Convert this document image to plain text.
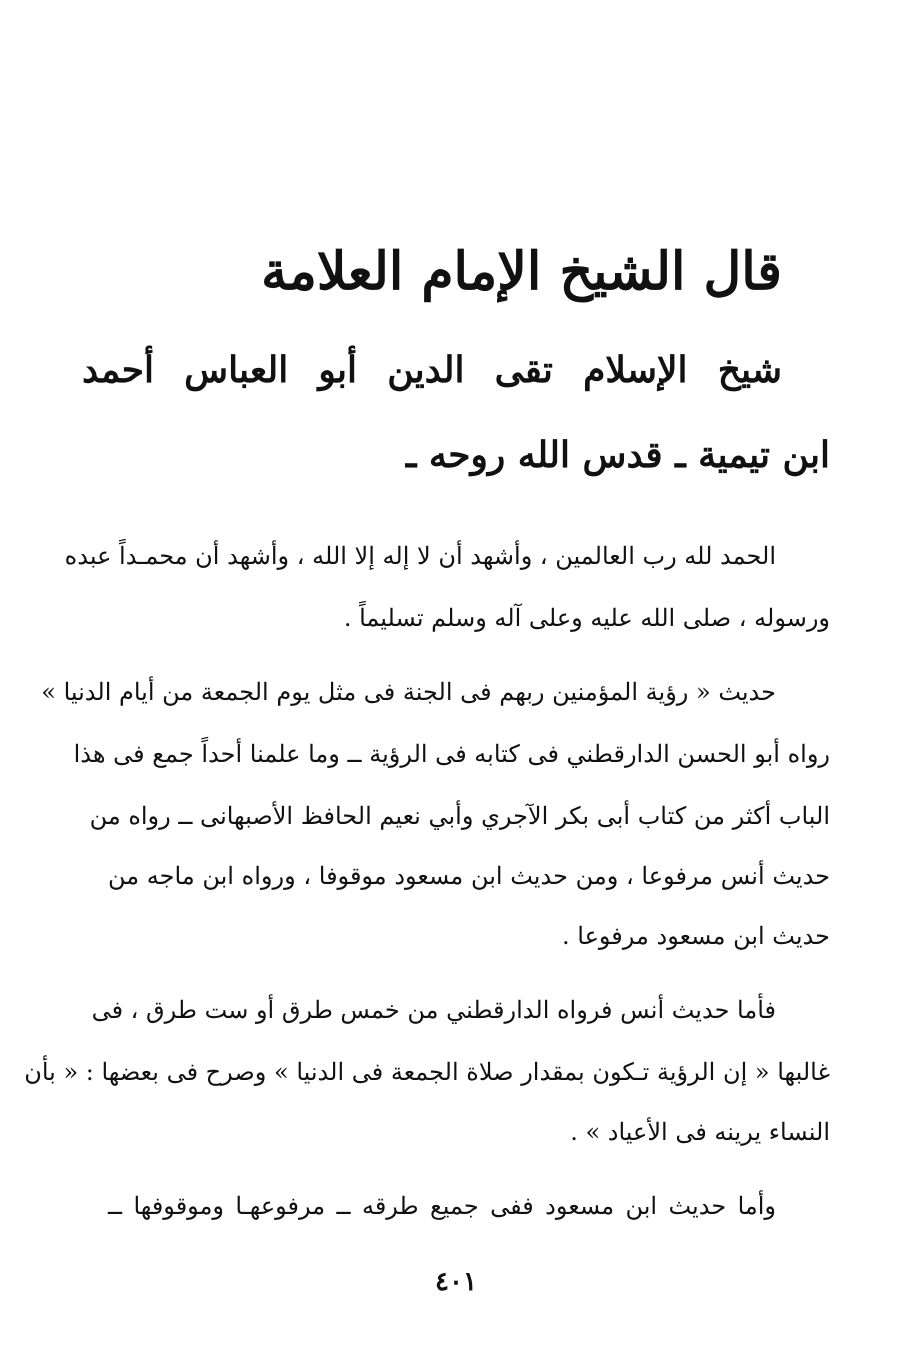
قال الشيخ الإمام العلامة
شيخ الإسلام تقى الدين أبو العباس أحمد
ابن تيمية ـ قدس الله روحه ـ
الحمد لله رب العالمين ، وأشهد أن لا إله إلا الله ، وأشهد أن محمـداً عبده
ورسوله ، صلى الله عليه وعلى آله وسلم تسليماً .
حديث « رؤية المؤمنين ربهم فى الجنة فى مثل يوم الجمعة من أيام الدنيا »
رواه أبو الحسن الدارقطني فى كتابه فى الرؤية ــ وما علمنا أحداً جمع فى هذا
الباب أكثر من كتاب أبى بكر الآجري وأبي نعيم الحافظ الأصبهانى ــ رواه من
حديث أنس مرفوعا ، ومن حديث ابن مسعود موقوفا ، ورواه ابن ماجه من
حديث ابن مسعود مرفوعا .
فأما حديث أنس فرواه الدارقطني من خمس طرق أو ست طرق ، فى
غالبها « إن الرؤية تـكون بمقدار صلاة الجمعة فى الدنيا » وصرح فى بعضها : « بأن
النساء يرينه فى الأعياد » .
وأما حديث ابن مسعود ففى جميع طرقه ــ مرفوعهـا وموقوفها ــ
٤٠١
